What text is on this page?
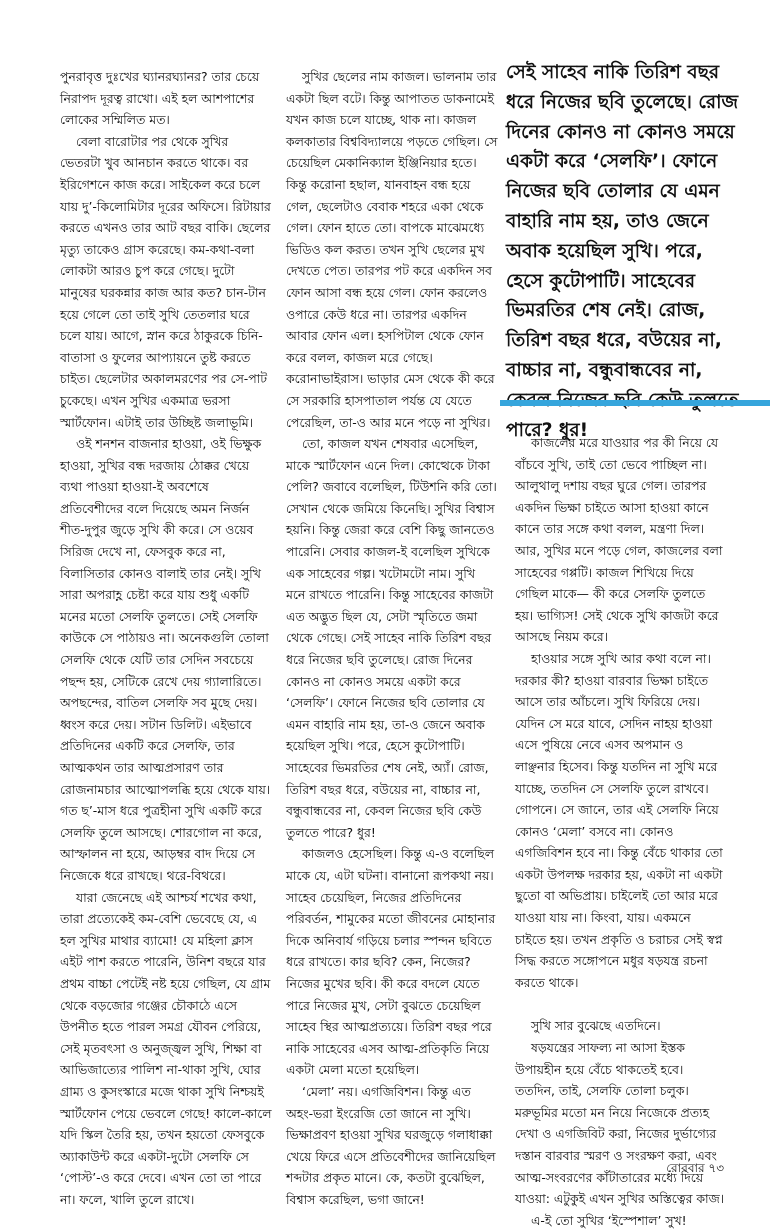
সেই সাহেব নাকি তিরিশ বছর ধরে নিজের ছবি তুলেছে। রোজ দিনের কোনও না কোনও সময়ে একটা করে ‘সেলফি’। ফোনে নিজের ছবি তোলার যে এমন বাহারি নাম হয়, তাও জেনে অবাক হয়েছিল সুখি। পরে, হেসে কুটোপাটি। সাহেবের ভিমরতির শেষ নেই। রোজ, তিরিশ বছর ধরে, বউয়ের না, বাচ্চার না, বন্ধুবান্ধবের না, পারে? ধুর!

পুনরাবৃত্ত দুঃখের ঘ্যানরঘ্যানর? তার চেয়ে নিরাপদ দূরত্ব রাখো। এই হল আশপাশের লোকের সম্মিলিত মত।

বেলা বারোটার পর থেকে সুখির ভেতরটা খুব আনচান করতে থাকে। বর ইরিগেশনে কাজ করে। সাইকেল করে চলে যায় দু’-কিলোমিটার দূরের অফিসে। রিটায়ার করতে এখনও তার আট বছর বাকি। ছেলের মৃত্যু তাকেও গ্রাস করেছে। কম-কথা-বলা লোকটা আরও চুপ করে গেছে। দুটো মানুষের ঘরকন্নার কাজ আর কত? চান-টান হয়ে গেলে তো তাই সুখি তেতলার ঘরে চলে যায়। আগে, স্নান করে ঠাকুরকে চিনি-বাতাসা ও ফুলের আপ্যায়নে তুষ্ট করতে চাইত। ছেলেটার অকালমরণের পর সে-পাট চুকেছে। এখন সুখির একমাত্র ভরসা স্মার্টফোন। এটাই তার উচ্ছিষ্ট জলাভূমি।

ওই শনশন বাজনার হাওয়া, ওই ভিক্ষুক হাওয়া, সুখির বন্ধ দরজায় ঠোক্কর খেয়ে ব্যথা পাওয়া হাওয়া-ই অবশেষে প্রতিবেশীদের বলে দিয়েছে অমন নির্জন শীত-দুপুর জুড়ে সুখি কী করে। সে ওয়েব সিরিজ দেখে না, ফেসবুক করে না, বিলাসিতার কোনও বালাই তার নেই। সুখি সারা অপরাহ্ণ চেষ্টা করে যায় শুধু একটি মনের মতো সেলফি তুলতে। সেই সেলফি কাউকে সে পাঠায়ও না। অনেকগুলি তোলা সেলফি থেকে যেটি তার সেদিন সবচেয়ে পছন্দ হয়, সেটিকে রেখে দেয় গ্যালারিতে। অপছন্দের, বাতিল সেলফি সব মুছে দেয়। ধ্বংস করে দেয়। সটান ডিলিট। এইভাবে প্রতিদিনের একটি করে সেলফি, তার আত্মকথন তার আত্মপ্রসারণ তার রোজনামচার আত্মোপলব্ধি হয়ে থেকে যায়। গত ছ’-মাস ধরে পুত্রহীনা সুখি একটি করে সেলফি তুলে আসছে। শোরগোল না করে, আস্ফালন না হয়ে, আড়ম্বর বাদ দিয়ে সে নিজেকে ধরে রাখছে। থরে-বিথরে।

যারা জেনেছে এই আশ্চর্য শখের কথা, তারা প্রত্যেকেই কম-বেশি ভেবেছে যে, এ হল সুখির মাথার ব্যামো! যে মহিলা ক্লাস এইট পাশ করতে পারেনি, উনিশ বছরে যার প্রথম বাচ্চা পেটেই নষ্ট হয়ে গেছিল, যে গ্রাম থেকে বড়জোর গঞ্জের চৌকাঠে এসে উপনীত হতে পারল সমগ্র যৌবন পেরিয়ে, সেই মৃতবৎসা ও অনুজ্জ্বল সুখি, শিক্ষা বা আভিজাত্যের পালিশ না-থাকা সুখি, ঘোর গ্রাম্য ও কুসংস্কারে মজে থাকা সুখি নিশ্চয়ই স্মার্টফোন পেয়ে ভেবলে গেছে! কালে-কালে যদি স্কিল তৈরি হয়, তখন হয়তো ফেসবুকে অ্যাকাউন্ট করে একটা-দুটো সেলফি সে ‘পোস্ট’-ও করে দেবে। এখন তো তা পারে না। ফলে, খালি তুলে রাখে।

সুখির ছেলের নাম কাজল। ভালনাম তার একটা ছিল বটে। কিন্তু আপাতত ডাকনামেই যখন কাজ চলে যাচ্ছে, থাক না। কাজল কলকাতার বিশ্ববিদ্যালয়ে পড়তে গেছিল। সে চেয়েছিল মেকানিক্যাল ইঞ্জিনিয়ার হতে। কিন্তু করোনা হছাল, যানবাহন বন্ধ হয়ে গেল, ছেলেটাও বেবাক শহরে একা থেকে গেল। ফোন হাতে তো। বাপকে মাঝেমধ্যে ভিডিও কল করত। তখন সুখি ছেলের মুখ দেখতে পেত। তারপর পট করে একদিন সব ফোন আসা বন্ধ হয়ে গেল। ফোন করলেও ওপারে কেউ ধরে না। তারপর একদিন আবার ফোন এল। হসপিটাল থেকে ফোন করে বলল, কাজল মরে গেছে। করোনাভাইরাস। ভাড়ার মেস থেকে কী করে সে সরকারি হাসপাতাল পর্যন্ত যে যেতে পেরেছিল, তা-ও আর মনে পড়ে না সুখির।

তো, কাজল যখন শেষবার এসেছিল, মাকে স্মার্টফোন এনে দিল। কোত্থেকে টাকা পেলি? জবাবে বলেছিল, টিউশনি করি তো। সেখান থেকে জমিয়ে কিনেছি। সুখির বিশ্বাস হয়নি। কিন্তু জেরা করে বেশি কিছু জানতেও পারেনি। সেবার কাজল-ই বলেছিল সুখিকে এক সাহেবের গল্প। খটোমটো নাম। সুখি মনে রাখতে পারেনি। কিন্তু সাহেবের কাজটা এত অদ্ভুত ছিল যে, সেটা স্মৃতিতে জমা থেকে গেছে। সেই সাহেব নাকি তিরিশ বছর ধরে নিজের ছবি তুলেছে। রোজ দিনের কোনও না কোনও সময়ে একটা করে ‘সেলফি’। ফোনে নিজের ছবি তোলার যে এমন বাহারি নাম হয়, তা-ও জেনে অবাক হয়েছিল সুখি। পরে, হেসে কুটোপাটি। সাহেবের ভিমরতির শেষ নেই, অ্যাঁ। রোজ, তিরিশ বছর ধরে, বউয়ের না, বাচ্চার না, বন্ধুবান্ধবের না, কেবল নিজের ছবি কেউ তুলতে পারে? ধুর!

কাজলও হেসেছিল। কিন্তু এ-ও বলেছিল মাকে যে, এটা ঘটনা। বানানো রূপকথা নয়। সাহেব চেয়েছিল, নিজের প্রতিদিনের পরিবর্তন, শামুকের মতো জীবনের মোহানার দিকে অনিবার্য গড়িয়ে চলার স্পন্দন ছবিতে ধরে রাখতে। কার ছবি? কেন, নিজের? নিজের মুখের ছবি। কী করে বদলে যেতে পারে নিজের মুখ, সেটা বুঝতে চেয়েছিল সাহেব স্থির আত্মপ্রত্যয়ে। তিরিশ বছর পরে নাকি সাহেবের এসব আত্ম-প্রতিকৃতি নিয়ে একটা মেলা মতো হয়েছিল।

‘মেলা’ নয়। এগজিবিশন। কিন্তু এত অহং-ভরা ইংরেজি তো জানে না সুখি। ভিক্ষাপ্রবণ হাওয়া সুখির ঘরজুড়ে গলাধাক্কা খেয়ে ফিরে এসে প্রতিবেশীদের জানিয়েছিল শব্দটার প্রকৃত মানে। কে, কতটা বুঝেছিল, বিশ্বাস করেছিল, ভগা জানে!

কাজলের মরে যাওয়ার পর কী নিয়ে যে বাঁচবে সুখি, তাই তো ভেবে পাচ্ছিল না। আলুথালু দশায় বছর ঘুরে গেল। তারপর একদিন ভিক্ষা চাইতে আসা হাওয়া কানে কানে তার সঙ্গে কথা বলল, মন্ত্রণা দিল। আর, সুখির মনে পড়ে গেল, কাজলের বলা সাহেবের গপ্পটি। কাজল শিখিয়ে দিয়ে গেছিল মাকে— কী করে সেলফি তুলতে হয়। ভাগ্যিস! সেই থেকে সুখি কাজটা করে আসছে নিয়ম করে।

হাওয়ার সঙ্গে সুখি আর কথা বলে না। দরকার কী? হাওয়া বারবার ভিক্ষা চাইতে আসে তার আঁচলে। সুখি ফিরিয়ে দেয়। যেদিন সে মরে যাবে, সেদিন নাহয় হাওয়া এসে পুষিয়ে নেবে এসব অপমান ও লাঞ্ছনার হিসেব। কিন্তু যতদিন না সুখি মরে যাচ্ছে, ততদিন সে সেলফি তুলে রাখবে। গোপনে। সে জানে, তার এই সেলফি নিয়ে কোনও ‘মেলা’ বসবে না। কোনও এগজিবিশন হবে না। কিন্তু বেঁচে থাকার তো একটা উপলক্ষ দরকার হয়, একটা না একটা ছুতো বা অভিপ্রায়। চাইলেই তো আর মরে যাওয়া যায় না। কিংবা, যায়। একমনে চাইতে হয়। তখন প্রকৃতি ও চরাচর সেই স্বপ্ন সিদ্ধ করতে সঙ্গোপনে মধুর ষড়যন্ত্র রচনা করতে থাকে।

সুখি সার বুঝেছে এতদিনে।

ষড়যন্ত্রের সাফল্য না আসা ইস্তক উপায়হীন হয়ে বেঁচে থাকতেই হবে। ততদিন, তাই, সেলফি তোলা চলুক। মরুভূমির মতো মন নিয়ে নিজেকে প্রত্যহ দেখা ও এগজিবিট করা, নিজের দুর্ভাগ্যের দস্তান বারবার স্মরণ ও সংরক্ষণ করা, এবং আত্ম-সংবরণের কাঁটাতারের মধ্যে দিয়ে যাওয়া: এটুকুই এখন সুখির অস্তিত্বের কাজ।

এ-ই তো সুখির ‘ইস্পেশাল’ সুখ!

রোববার ৭৩
